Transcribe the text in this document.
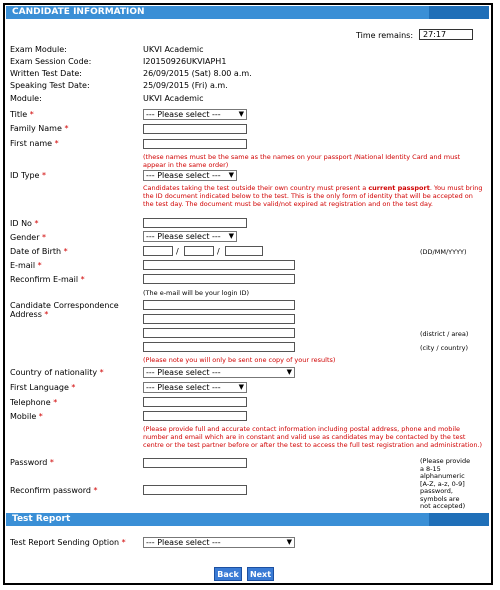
CANDIDATE INFORMATION
Time remains:	27:17
Exam Module:	UKVI Academic
Exam Session Code:	I20150926UKVIAPH1
Written Test Date:	26/09/2015 (Sat) 8.00 a.m.
Speaking Test Date:	25/09/2015 (Fri) a.m.
Module:	UKVI Academic
Title *	--- Please select ---	▼
Family Name *
First name *
(these names must be the same as the names on your passport /National Identity Card and must appear in the same order)
ID Type *	--- Please select --- ▼
Candidates taking the test outside their own country must present a current passport. You must bring the ID document indicated below to the test. This is the only form of identity that will be accepted on the test day. The document must be valid/not expired at registration and on the test day.
ID No *
Gender *	--- Please select --- ▼
Date of Birth *	/	/	(DD/MM/YYYY)
E-mail *
Reconfirm E-mail *
(The e-mail will be your login ID)
Candidate Correspondence
Address *
(district / area)
(city / country)
(Please note you will only be sent one copy of your results)
Country of nationality *	--- Please select ---	▼
First Language *	--- Please select ---	▼
Telephone *
Mobile *
(Please provide full and accurate contact information including postal address, phone and mobile number and email which are in constant and valid use as candidates may be contacted by the test centre or the test partner before or after the test to access the full test registration and administration.)
Password *
Reconfirm password *
(Please provide
a 8-15
alphanumeric
[A-Z, a-z, 0-9]
password,
symbols are
not accepted)
Test Report
Test Report Sending Option *	--- Please select ---	▼
Back	Next
